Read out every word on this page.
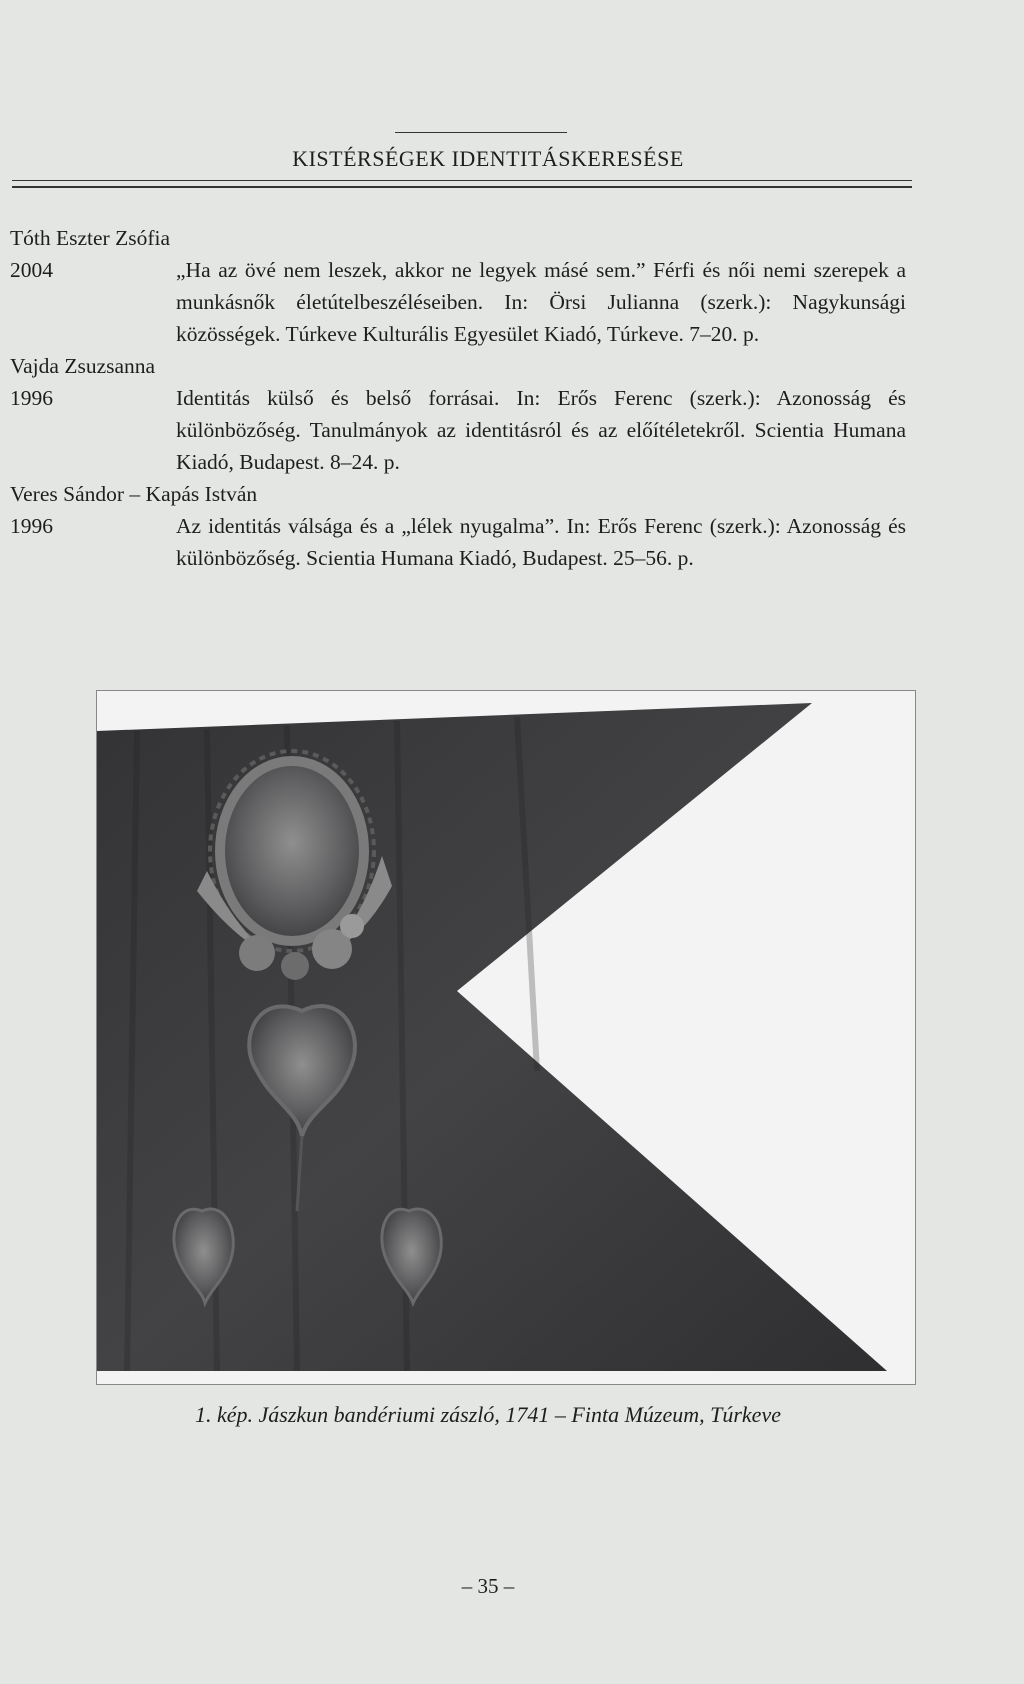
KISTÉRSÉGEK IDENTITÁSKERESÉSE

Tóth Eszter Zsófia

2004	„Ha az övé nem leszek, akkor ne legyek másé sem.” Férfi és női nemi szerepek a munkásnők életútelbeszéléseiben. In: Örsi Julianna (szerk.): Nagykunsági közösségek. Túrkeve Kulturális Egyesület Kiadó, Túrkeve. 7–20. p.

Vajda Zsuzsanna

1996	Identitás külső és belső forrásai. In: Erős Ferenc (szerk.): Azonosság és különbözőség. Tanulmányok az identitásról és az előítéletekről. Scientia Humana Kiadó, Budapest. 8–24. p.

Veres Sándor – Kapás István

1996	Az identitás válsága és a „lélek nyugalma”. In: Erős Ferenc (szerk.): Azonosság és különbözőség. Scientia Humana Kiadó, Budapest. 25–56. p.
1. kép. Jászkun bandériumi zászló, 1741 – Finta Múzeum, Túrkeve
– 35 –
